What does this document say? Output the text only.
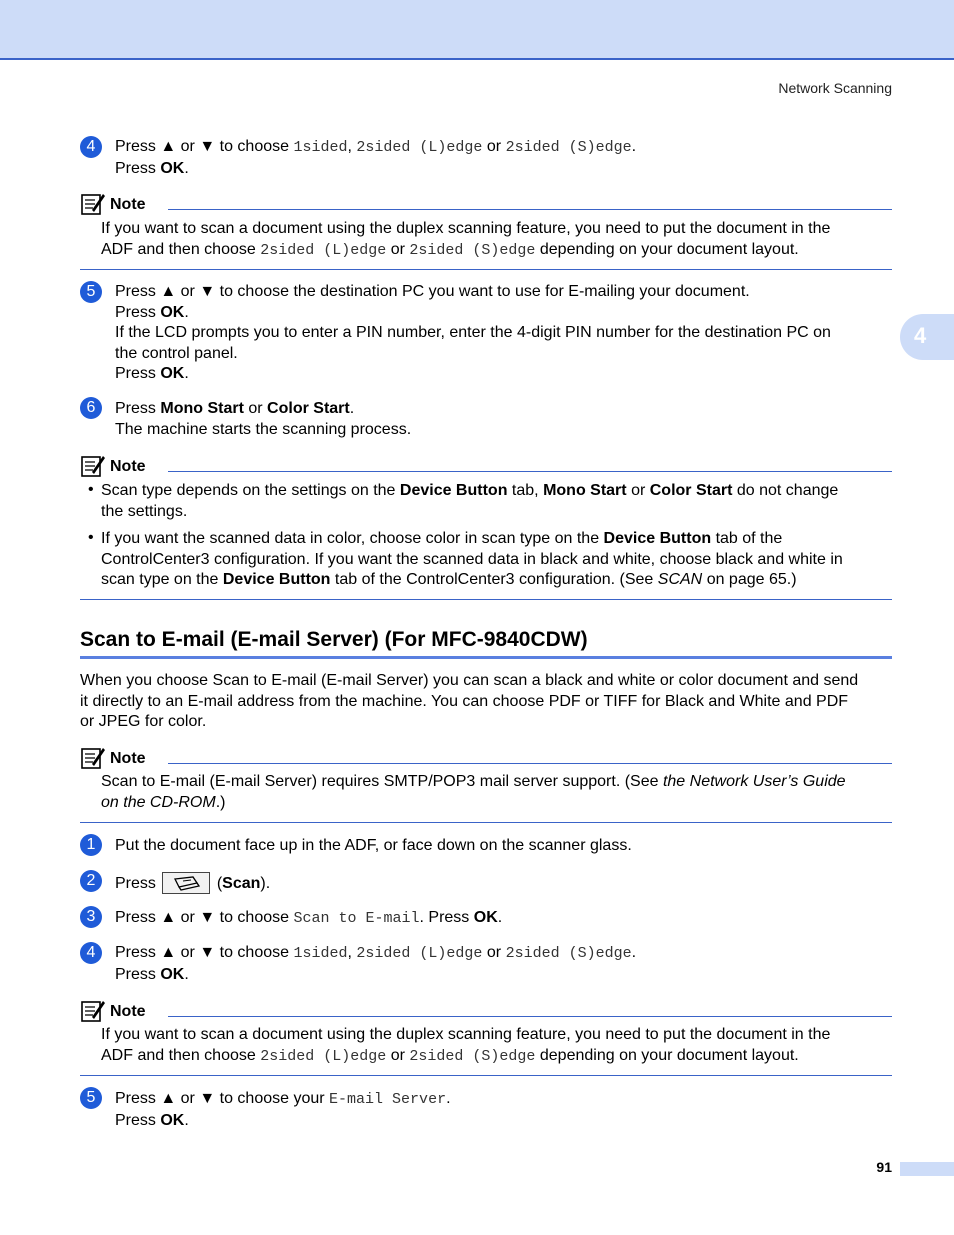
Network Scanning
4
4	Press ▲ or ▼ to choose 1sided, 2sided (L)edge or 2sided (S)edge.
Press OK.
Note
If you want to scan a document using the duplex scanning feature, you need to put the document in the
ADF and then choose 2sided (L)edge or 2sided (S)edge depending on your document layout.
5	Press ▲ or ▼ to choose the destination PC you want to use for E-mailing your document.
Press OK.
If the LCD prompts you to enter a PIN number, enter the 4-digit PIN number for the destination PC on
the control panel.
Press OK.
6	Press Mono Start or Color Start.
The machine starts the scanning process.
Note
• Scan type depends on the settings on the Device Button tab, Mono Start or Color Start do not change
the settings.
• If you want the scanned data in color, choose color in scan type on the Device Button tab of the
ControlCenter3 configuration. If you want the scanned data in black and white, choose black and white in
scan type on the Device Button tab of the ControlCenter3 configuration. (See SCAN on page 65.)
Scan to E-mail (E-mail Server) (For MFC-9840CDW)
When you choose Scan to E-mail (E-mail Server) you can scan a black and white or color document and send
it directly to an E-mail address from the machine. You can choose PDF or TIFF for Black and White and PDF
or JPEG for color.
Note
Scan to E-mail (E-mail Server) requires SMTP/POP3 mail server support. (See the Network User’s Guide
on the CD-ROM.)
1	Put the document face up in the ADF, or face down on the scanner glass.
2	Press	(Scan).
3	Press ▲ or ▼ to choose Scan to E-mail. Press OK.
4	Press ▲ or ▼ to choose 1sided, 2sided (L)edge or 2sided (S)edge.
Press OK.
Note
If you want to scan a document using the duplex scanning feature, you need to put the document in the
ADF and then choose 2sided (L)edge or 2sided (S)edge depending on your document layout.
5	Press ▲ or ▼ to choose your E-mail Server.
Press OK.
91
